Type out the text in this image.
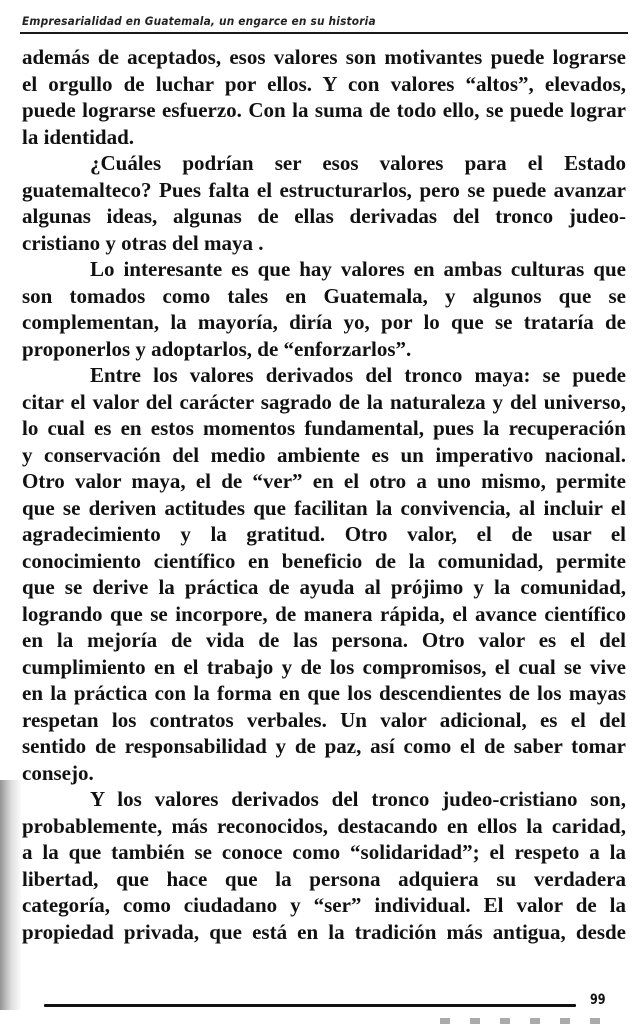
Empresarialidad en Guatemala, un engarce en su historia
además de aceptados, esos valores son motivantes puede lograrse
el orgullo de luchar por ellos. Y con valores “altos”, elevados,
puede lograrse esfuerzo. Con la suma de todo ello, se puede lograr
la identidad.
¿Cuáles podrían ser esos valores para el Estado
guatemalteco? Pues falta el estructurarlos, pero se puede avanzar
algunas ideas, algunas de ellas derivadas del tronco judeo-
cristiano y otras del maya .
Lo interesante es que hay valores en ambas culturas que
son tomados como tales en Guatemala, y algunos que se
complementan, la mayoría, diría yo, por lo que se trataría de
proponerlos y adoptarlos, de “enforzarlos”.
Entre los valores derivados del tronco maya: se puede
citar el valor del carácter sagrado de la naturaleza y del universo,
lo cual es en estos momentos fundamental, pues la recuperación
y conservación del medio ambiente es un imperativo nacional.
Otro valor maya, el de “ver” en el otro a uno mismo, permite
que se deriven actitudes que facilitan la convivencia, al incluir el
agradecimiento y la gratitud. Otro valor, el de usar el
conocimiento científico en beneficio de la comunidad, permite
que se derive la práctica de ayuda al prójimo y la comunidad,
logrando que se incorpore, de manera rápida, el avance científico
en la mejoría de vida de las persona. Otro valor es el del
cumplimiento en el trabajo y de los compromisos, el cual se vive
en la práctica con la forma en que los descendientes de los mayas
respetan los contratos verbales. Un valor adicional, es el del
sentido de responsabilidad y de paz, así como el de saber tomar
consejo.
Y los valores derivados del tronco judeo-cristiano son,
probablemente, más reconocidos, destacando en ellos la caridad,
a la que también se conoce como “solidaridad”; el respeto a la
libertad, que hace que la persona adquiera su verdadera
categoría, como ciudadano y “ser” individual. El valor de la
propiedad privada, que está en la tradición más antigua, desde
99
